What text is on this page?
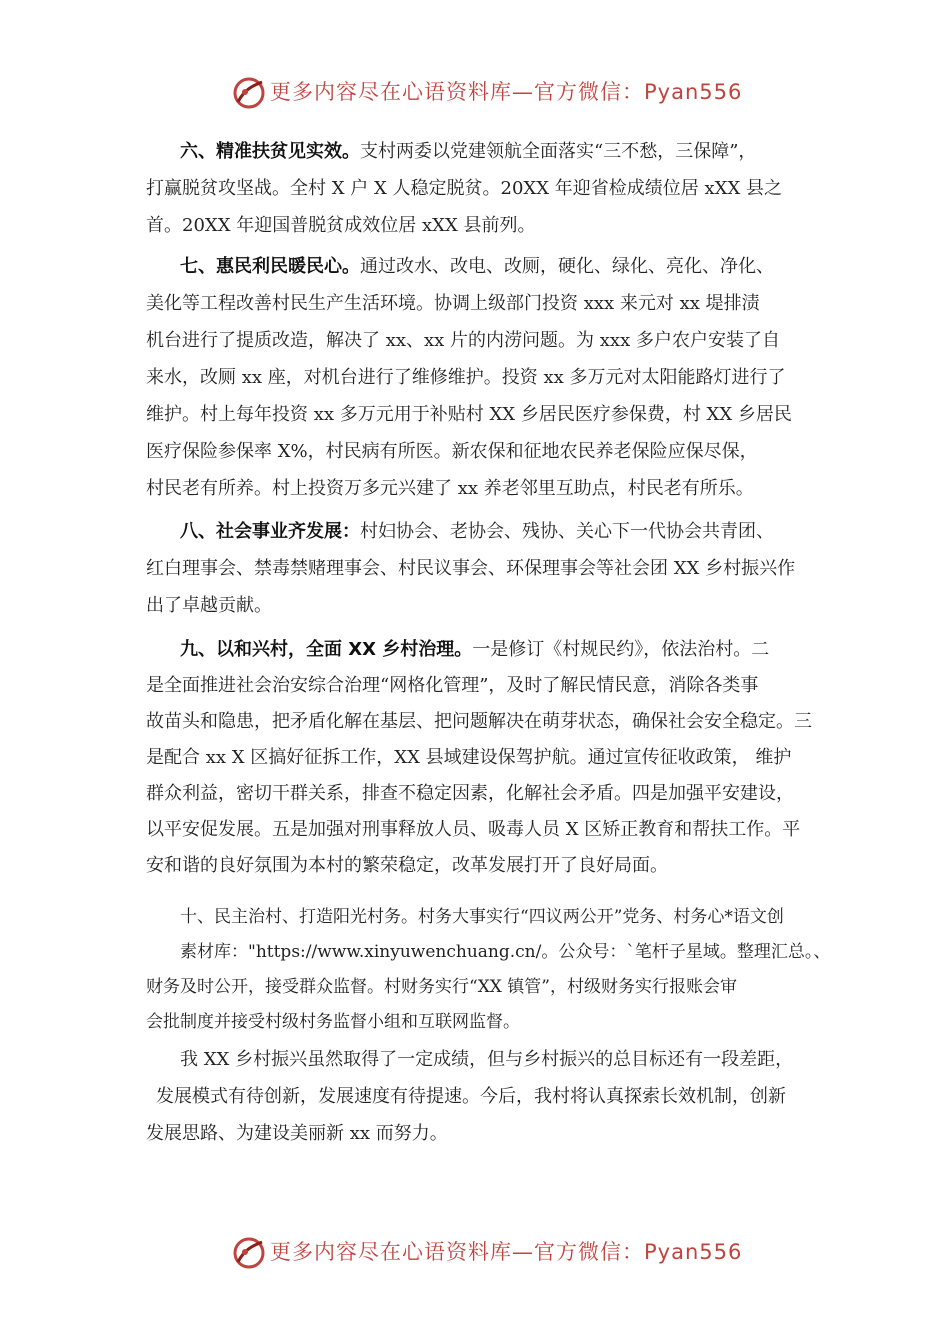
更多内容尽在心语资料库—官方微信：Pyan556
六、精准扶贫见实效。支村两委以党建领航全面落实“三不愁，三保障”，
打赢脱贫攻坚战。全村 X 户 X 人稳定脱贫。20XX 年迎省检成绩位居 xXX 县之
首。20XX 年迎国普脱贫成效位居 xXX 县前列。
七、惠民利民暖民心。通过改水、改电、改厕，硬化、绿化、亮化、净化、
美化等工程改善村民生产生活环境。协调上级部门投资 xxx 来元对 xx 堤排渍
机台进行了提质改造，解决了 xx、xx 片的内涝问题。为 xxx 多户农户安装了自
来水，改厕 xx 座，对机台进行了维修维护。投资 xx 多万元对太阳能路灯进行了
维护。村上每年投资 xx 多万元用于补贴村 XX 乡居民医疗参保费，村 XX 乡居民
医疗保险参保率 X%，村民病有所医。新农保和征地农民养老保险应保尽保，
村民老有所养。村上投资万多元兴建了 xx 养老邻里互助点，村民老有所乐。
八、社会事业齐发展：村妇协会、老协会、残协、关心下一代协会共青团、
红白理事会、禁毒禁赌理事会、村民议事会、环保理事会等社会团 XX 乡村振兴作
出了卓越贡献。
九、以和兴村，全面 XX 乡村治理。一是修订《村规民约》，依法治村。二
是全面推进社会治安综合治理“网格化管理”，及时了解民情民意，消除各类事
故苗头和隐患，把矛盾化解在基层、把问题解决在萌芽状态，确保社会安全稳定。三
是配合 xx X 区搞好征拆工作，XX 县域建设保驾护航。通过宣传征收政策， 维护
群众利益，密切干群关系，排查不稳定因素，化解社会矛盾。四是加强平安建设，
以平安促发展。五是加强对刑事释放人员、吸毒人员 X 区矫正教育和帮扶工作。平
安和谐的良好氛围为本村的繁荣稳定，改革发展打开了良好局面。
十、民主治村、打造阳光村务。村务大事实行“四议两公开”党务、村务心*语文创
素材库："https://www.xinyuwenchuang.cn/。公众号：`笔杆子星域。整理汇总。、
财务及时公开，接受群众监督。村财务实行“XX 镇管”，村级财务实行报账会审
会批制度并接受村级村务监督小组和互联网监督。
我 XX 乡村振兴虽然取得了一定成绩，但与乡村振兴的总目标还有一段差距，
发展模式有待创新，发展速度有待提速。今后，我村将认真探索长效机制，创新
发展思路、为建设美丽新 xx 而努力。
更多内容尽在心语资料库—官方微信：Pyan556
